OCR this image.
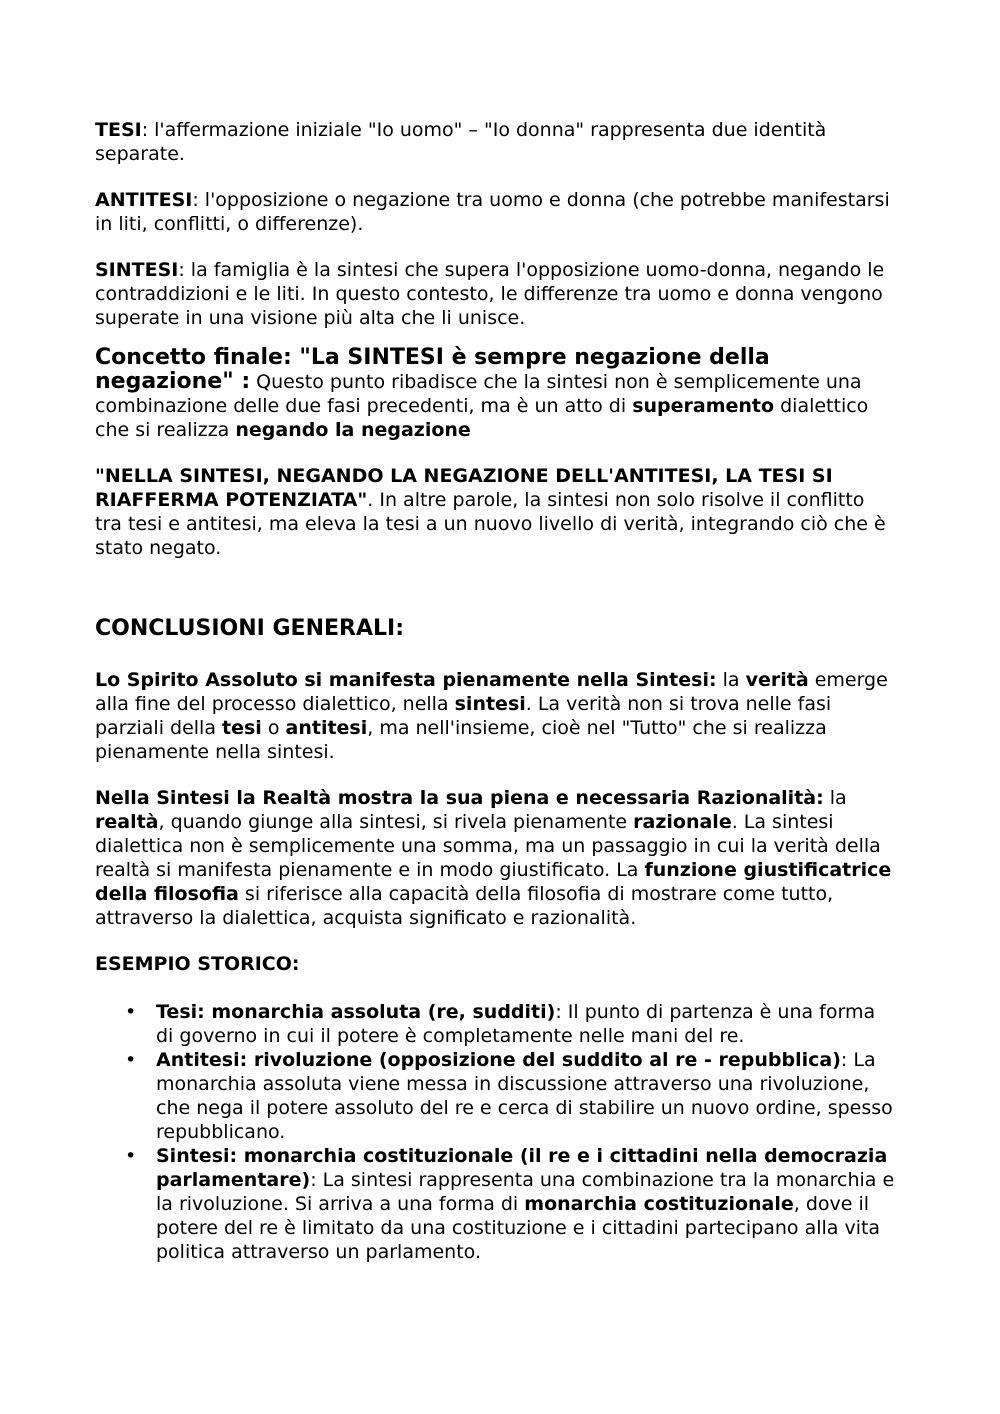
TESI: l'affermazione iniziale "Io uomo" – "Io donna" rappresenta due identità separate.

ANTITESI: l'opposizione o negazione tra uomo e donna (che potrebbe manifestarsi in liti, conflitti, o differenze).

SINTESI: la famiglia è la sintesi che supera l'opposizione uomo-donna, negando le contraddizioni e le liti. In questo contesto, le differenze tra uomo e donna vengono superate in una visione più alta che li unisce.

Concetto finale: "La SINTESI è sempre negazione della negazione" : Questo punto ribadisce che la sintesi non è semplicemente una combinazione delle due fasi precedenti, ma è un atto di superamento dialettico che si realizza negando la negazione

"NELLA SINTESI, NEGANDO LA NEGAZIONE DELL'ANTITESI, LA TESI SI RIAFFERMA POTENZIATA". In altre parole, la sintesi non solo risolve il conflitto tra tesi e antitesi, ma eleva la tesi a un nuovo livello di verità, integrando ciò che è stato negato.

CONCLUSIONI GENERALI:

Lo Spirito Assoluto si manifesta pienamente nella Sintesi: la verità emerge alla fine del processo dialettico, nella sintesi. La verità non si trova nelle fasi parziali della tesi o antitesi, ma nell'insieme, cioè nel "Tutto" che si realizza pienamente nella sintesi.

Nella Sintesi la Realtà mostra la sua piena e necessaria Razionalità: la realtà, quando giunge alla sintesi, si rivela pienamente razionale. La sintesi dialettica non è semplicemente una somma, ma un passaggio in cui la verità della realtà si manifesta pienamente e in modo giustificato. La funzione giustificatrice della filosofia si riferisce alla capacità della filosofia di mostrare come tutto, attraverso la dialettica, acquista significato e razionalità.

ESEMPIO STORICO:

• Tesi: monarchia assoluta (re, sudditi): Il punto di partenza è una forma di governo in cui il potere è completamente nelle mani del re.
• Antitesi: rivoluzione (opposizione del suddito al re - repubblica): La monarchia assoluta viene messa in discussione attraverso una rivoluzione, che nega il potere assoluto del re e cerca di stabilire un nuovo ordine, spesso repubblicano.
• Sintesi: monarchia costituzionale (il re e i cittadini nella democrazia parlamentare): La sintesi rappresenta una combinazione tra la monarchia e la rivoluzione. Si arriva a una forma di monarchia costituzionale, dove il potere del re è limitato da una costituzione e i cittadini partecipano alla vita politica attraverso un parlamento.
